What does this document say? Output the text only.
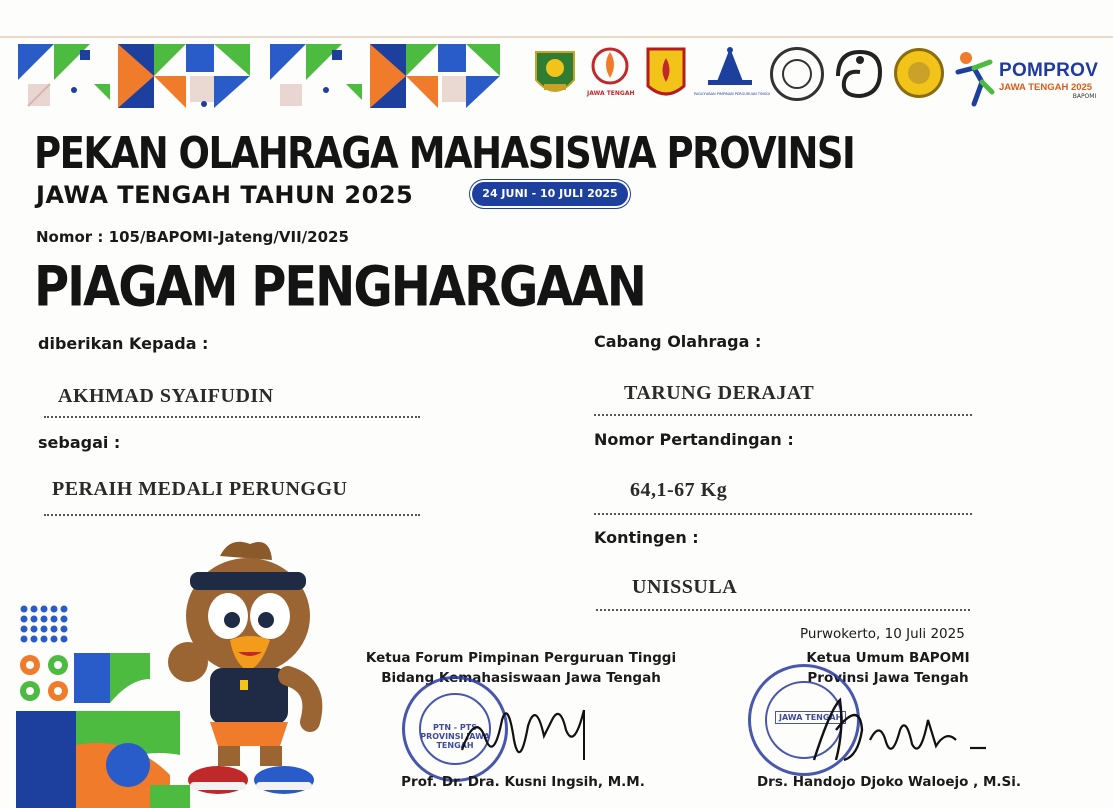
JAWA TENGAH	PAGUYUBAN PIMPINAN PERGURUAN TINGGI
POMPROV
JAWA TENGAH 2025
BAPOMI
PEKAN OLAHRAGA MAHASISWA PROVINSI
JAWA TENGAH TAHUN 2025	24 JUNI - 10 JULI 2025
Nomor : 105/BAPOMI-Jateng/VII/2025
PIAGAM PENGHARGAAN
diberikan Kepada :
AKHMAD SYAIFUDIN
sebagai :
PERAIH MEDALI PERUNGGU
Cabang Olahraga :
TARUNG DERAJAT
Nomor Pertandingan :
64,1-67 Kg
Kontingen :
UNISSULA
Purwokerto, 10 Juli 2025
Ketua Forum Pimpinan Perguruan Tinggi
Bidang Kemahasiswaan Jawa Tengah
Ketua Umum BAPOMI
Provinsi Jawa Tengah
PTN - PTS PROVINSI JAWA TENGAH
JAWA TENGAH
Prof. Dr. Dra. Kusni Ingsih, M.M.	Drs. Handojo Djoko Waloejo , M.Si.
